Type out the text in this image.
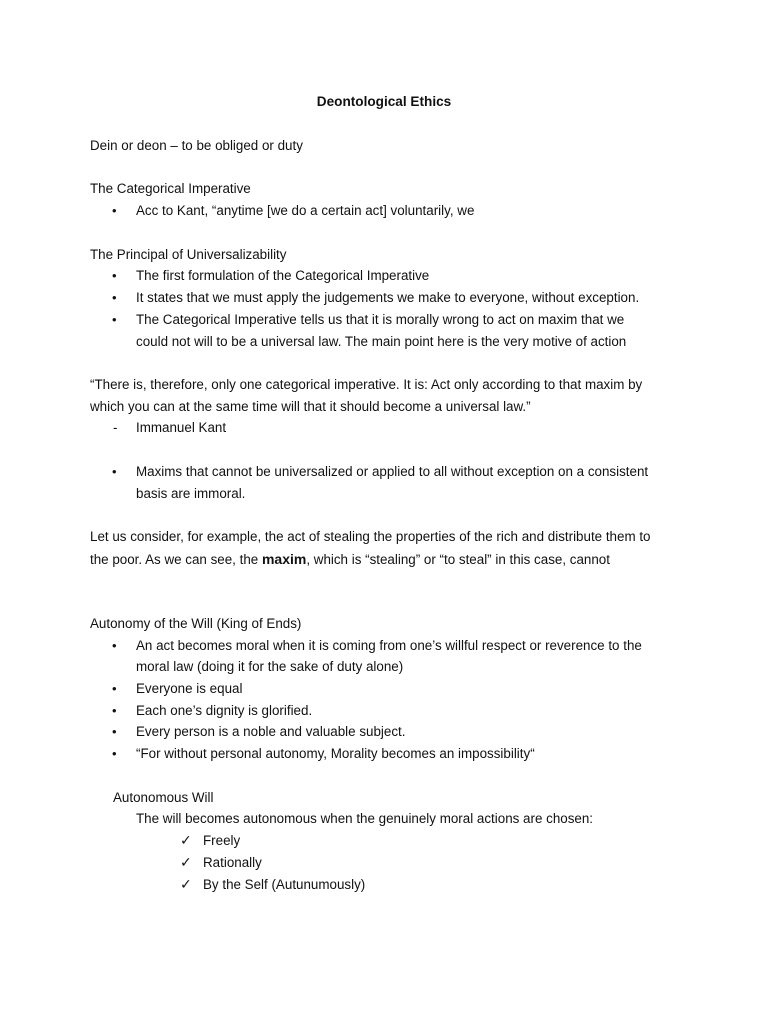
Deontological Ethics
Dein or deon – to be obliged or duty
The Categorical Imperative
• Acc to Kant, “anytime [we do a certain act] voluntarily, we
The Principal of Universalizability
• The first formulation of the Categorical Imperative
• It states that we must apply the judgements we make to everyone, without exception.
• The Categorical Imperative tells us that it is morally wrong to act on maxim that we
could not will to be a universal law. The main point here is the very motive of action
“There is, therefore, only one categorical imperative. It is: Act only according to that maxim by
which you can at the same time will that it should become a universal law.”
- Immanuel Kant
• Maxims that cannot be universalized or applied to all without exception on a consistent
basis are immoral.
Let us consider, for example, the act of stealing the properties of the rich and distribute them to
the poor. As we can see, the maxim, which is “stealing” or “to steal” in this case, cannot
Autonomy of the Will (King of Ends)
• An act becomes moral when it is coming from one’s willful respect or reverence to the
moral law (doing it for the sake of duty alone)
• Everyone is equal
• Each one’s dignity is glorified.
• Every person is a noble and valuable subject.
• “For without personal autonomy, Morality becomes an impossibility“
Autonomous Will
The will becomes autonomous when the genuinely moral actions are chosen:
✓ Freely
✓ Rationally
✓ By the Self (Autunumously)
